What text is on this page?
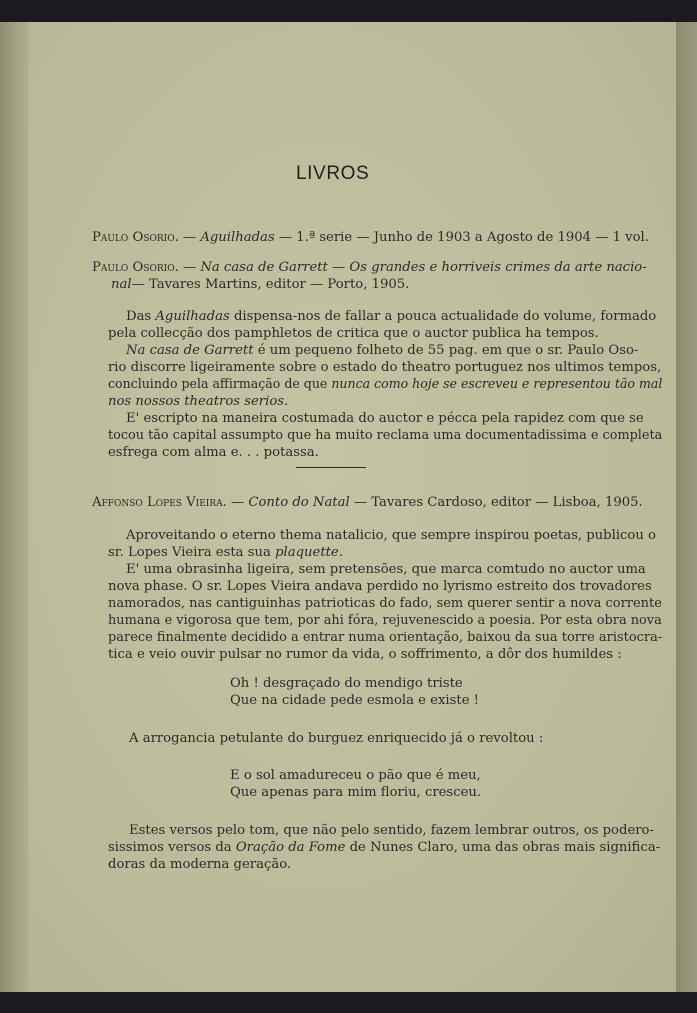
LIVROS
Paulo Osorio. — Aguilhadas — 1.ª serie — Junho de 1903 a Agosto de 1904 — 1 vol.
Paulo Osorio. — Na casa de Garrett — Os grandes e horriveis crimes da arte nacio-
nal— Tavares Martins, editor — Porto, 1905.
Das Aguilhadas dispensa-nos de fallar a pouca actualidade do volume, formado
pela collecção dos pamphletos de critica que o auctor publica ha tempos.
Na casa de Garrett é um pequeno folheto de 55 pag. em que o sr. Paulo Oso-
rio discorre ligeiramente sobre o estado do theatro portuguez nos ultimos tempos,
concluindo pela affirmação de que nunca como hoje se escreveu e representou tão mal
nos nossos theatros serios.
E' escripto na maneira costumada do auctor e pécca pela rapidez com que se
tocou tão capital assumpto que ha muito reclama uma documentadissima e completa
esfrega com alma e. . . potassa.
Affonso Lopes Vieira. — Conto do Natal — Tavares Cardoso, editor — Lisboa, 1905.
Aproveitando o eterno thema natalicio, que sempre inspirou poetas, publicou o
sr. Lopes Vieira esta sua plaquette.
E' uma obrasinha ligeira, sem pretensões, que marca comtudo no auctor uma
nova phase. O sr. Lopes Vieira andava perdido no lyrismo estreito dos trovadores
namorados, nas cantiguinhas patrioticas do fado, sem querer sentir a nova corrente
humana e vigorosa que tem, por ahi fóra, rejuvenescido a poesia. Por esta obra nova
parece finalmente decidido a entrar numa orientação, baixou da sua torre aristocra-
tica e veio ouvir pulsar no rumor da vida, o soffrimento, a dôr dos humildes :
Oh ! desgraçado do mendigo triste
Que na cidade pede esmola e existe !
A arrogancia petulante do burguez enriquecido já o revoltou :
E o sol amadureceu o pão que é meu,
Que apenas para mim floriu, cresceu.
Estes versos pelo tom, que não pelo sentido, fazem lembrar outros, os podero-
sissimos versos da Oração da Fome de Nunes Claro, uma das obras mais significa-
doras da moderna geração.
